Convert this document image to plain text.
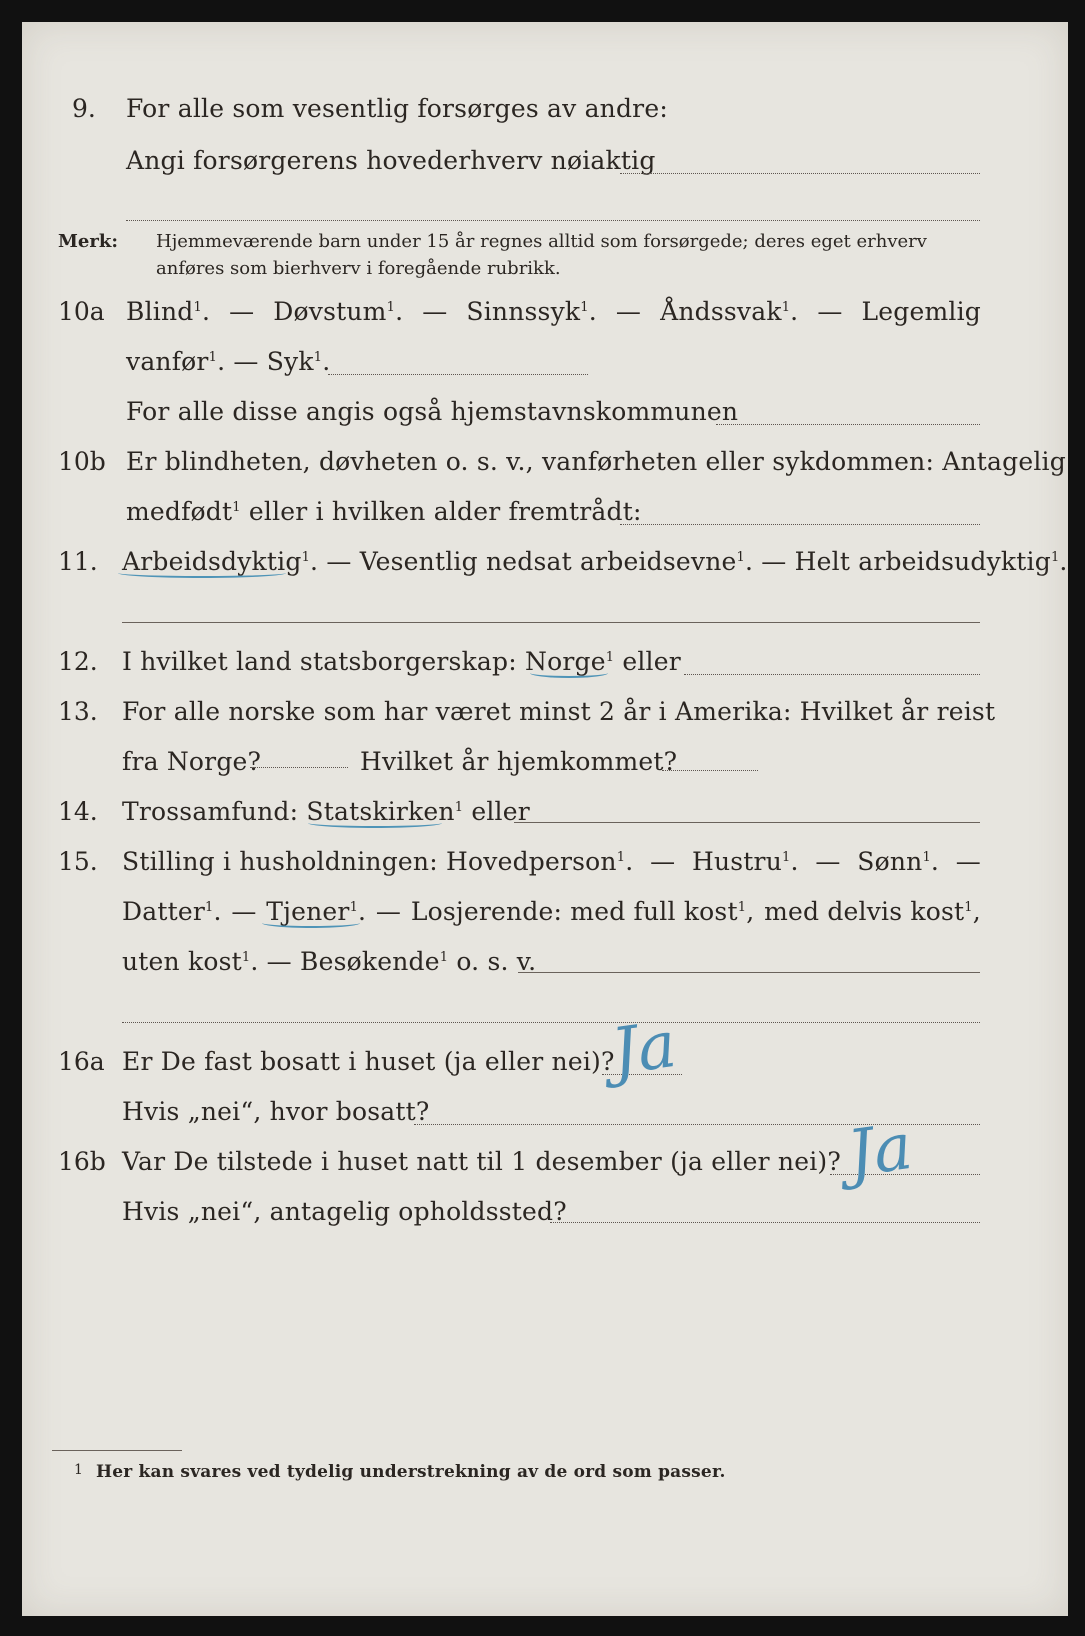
9. For alle som vesentlig forsørges av andre:
Angi forsørgerens hovederhverv nøiaktig
Merk: Hjemmeværende barn under 15 år regnes alltid som forsørgede; deres eget erhverv
anføres som bierhverv i foregående rubrikk.
10a Blind$^1$. — Døvstum$^1$. — Sinnssyk$^1$. — Åndssvak$^1$. — Legemlig
vanfør$^1$. — Syk$^1$.
For alle disse angis også hjemstavnskommunen
10b Er blindheten, døvheten o. s. v., vanførheten eller sykdommen: Antagelig
medfødt$^1$ eller i hvilken alder fremtrådt:
11. Arbeidsdyktig$^1$. — Vesentlig nedsat arbeidsevne$^1$. — Helt arbeidsudyktig$^1$.
12. I hvilket land statsborgerskap: Norge$^1$ eller
13. For alle norske som har været minst 2 år i Amerika: Hvilket år reist
fra Norge?	Hvilket år hjemkommet?
14. Trossamfund: Statskirken$^1$ eller
15. Stilling i husholdningen: Hovedperson$^1$. — Hustru$^1$. — Sønn$^1$. —
Datter$^1$. — Tjener$^1$. — Losjerende: med full kost$^1$, med delvis kost$^1$,
uten kost$^1$. — Besøkende$^1$ o. s. v.
16a Er De fast bosatt i huset (ja eller nei)?
Ja
Hvis „nei“, hvor bosatt?
16b Var De tilstede i huset natt til 1 desember (ja eller nei)? Ja
Hvis „nei“, antagelig opholdssted?
1 Her kan svares ved tydelig understrekning av de ord som passer.
